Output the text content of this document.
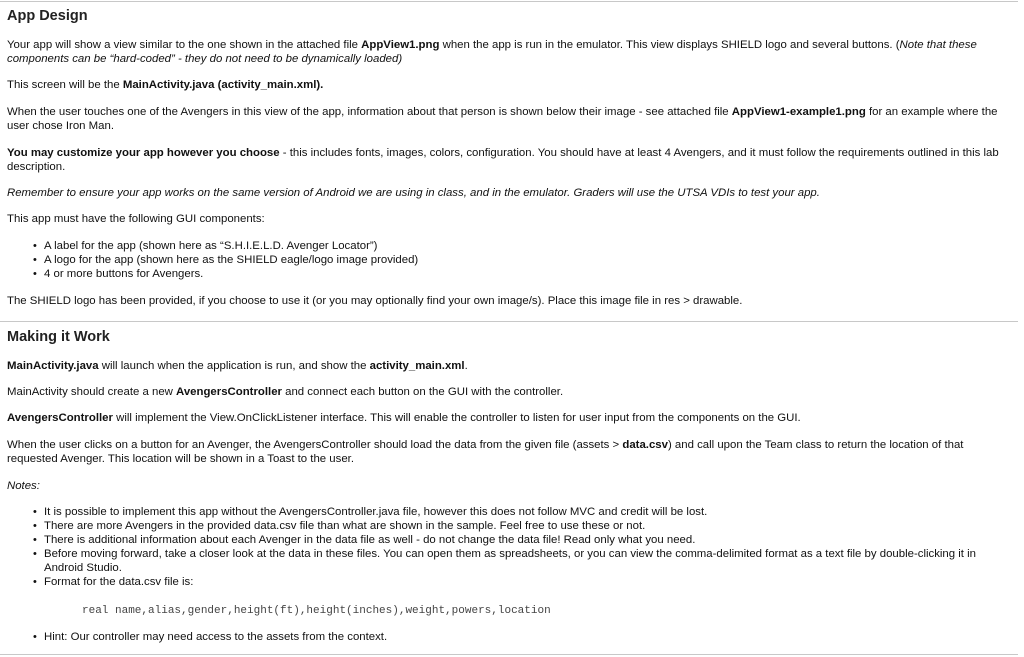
App Design

Your app will show a view similar to the one shown in the attached file AppView1.png when the app is run in the emulator. This view displays SHIELD logo and several buttons. (Note that these components can be “hard-coded” - they do not need to be dynamically loaded)

This screen will be the MainActivity.java (activity_main.xml).

When the user touches one of the Avengers in this view of the app, information about that person is shown below their image - see attached file AppView1-example1.png for an example where the user chose Iron Man.

You may customize your app however you choose - this includes fonts, images, colors, configuration. You should have at least 4 Avengers, and it must follow the requirements outlined in this lab description.

Remember to ensure your app works on the same version of Android we are using in class, and in the emulator. Graders will use the UTSA VDIs to test your app.

This app must have the following GUI components:

• A label for the app (shown here as “S.H.I.E.L.D. Avenger Locator”)
• A logo for the app (shown here as the SHIELD eagle/logo image provided)
• 4 or more buttons for Avengers.

The SHIELD logo has been provided, if you choose to use it (or you may optionally find your own image/s). Place this image file in res > drawable.

Making it Work

MainActivity.java will launch when the application is run, and show the activity_main.xml.

MainActivity should create a new AvengersController and connect each button on the GUI with the controller.

AvengersController will implement the View.OnClickListener interface. This will enable the controller to listen for user input from the components on the GUI.

When the user clicks on a button for an Avenger, the AvengersController should load the data from the given file (assets > data.csv) and call upon the Team class to return the location of that requested Avenger. This location will be shown in a Toast to the user.

Notes:

• It is possible to implement this app without the AvengersController.java file, however this does not follow MVC and credit will be lost.
• There are more Avengers in the provided data.csv file than what are shown in the sample. Feel free to use these or not.
• There is additional information about each Avenger in the data file as well - do not change the data file! Read only what you need.
• Before moving forward, take a closer look at the data in these files. You can open them as spreadsheets, or you can view the comma-delimited format as a text file by double-clicking it in Android Studio.
• Format for the data.csv file is:
real name,alias,gender,height(ft),height(inches),weight,powers,location
• Hint: Our controller may need access to the assets from the context.
